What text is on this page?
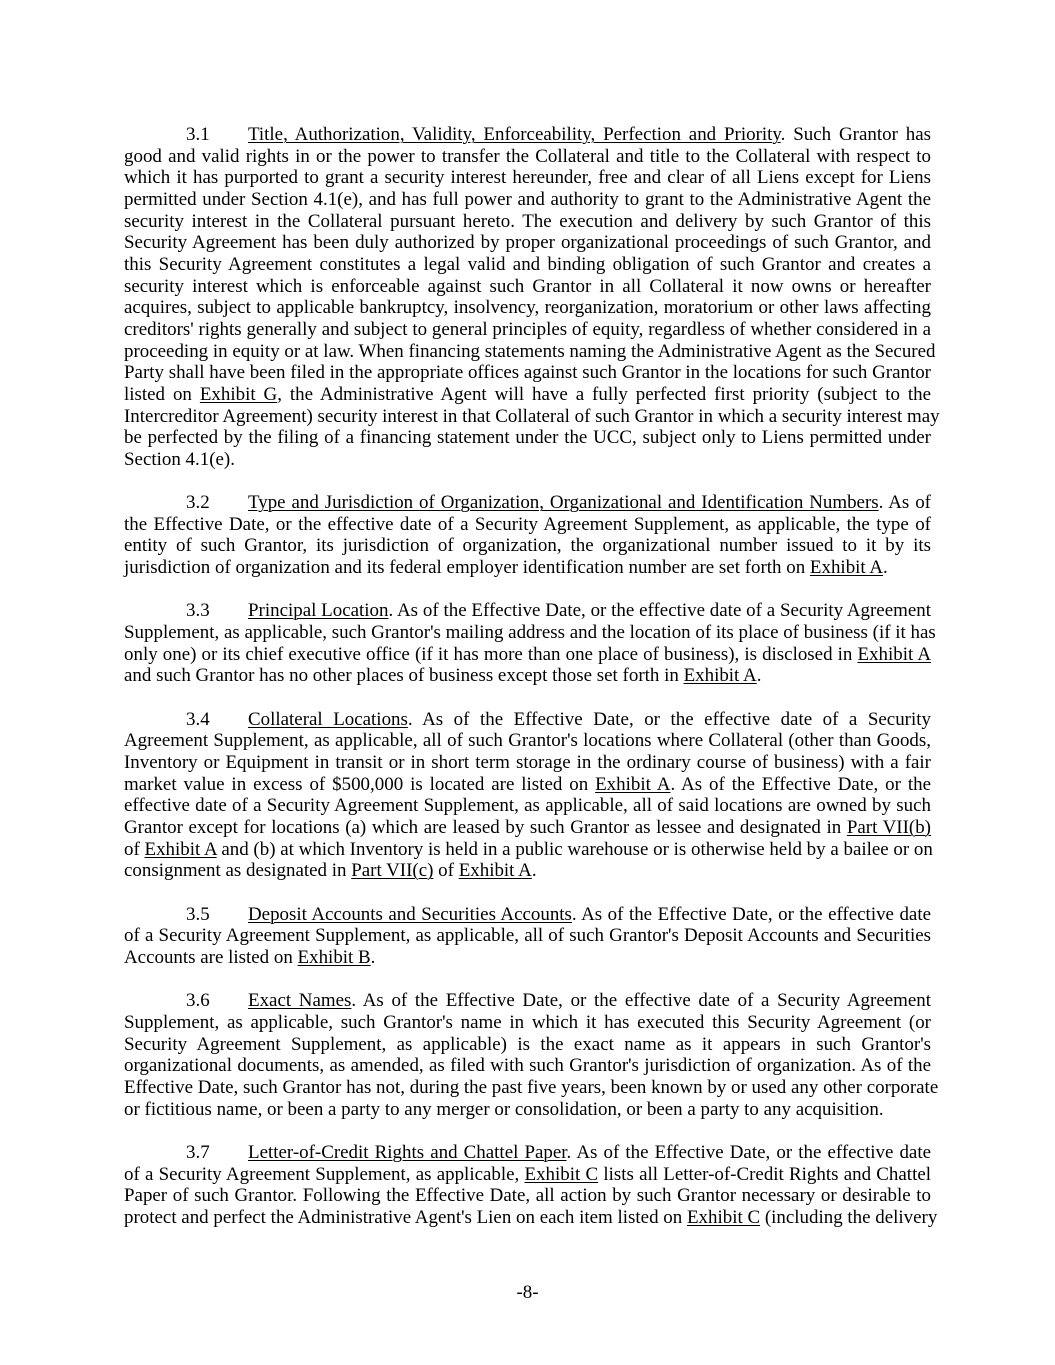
3.1 Title, Authorization, Validity, Enforceability, Perfection and Priority. Such Grantor has
good and valid rights in or the power to transfer the Collateral and title to the Collateral with respect to
which it has purported to grant a security interest hereunder, free and clear of all Liens except for Liens
permitted under Section 4.1(e), and has full power and authority to grant to the Administrative Agent the
security interest in the Collateral pursuant hereto. The execution and delivery by such Grantor of this
Security Agreement has been duly authorized by proper organizational proceedings of such Grantor, and
this Security Agreement constitutes a legal valid and binding obligation of such Grantor and creates a
security interest which is enforceable against such Grantor in all Collateral it now owns or hereafter
acquires, subject to applicable bankruptcy, insolvency, reorganization, moratorium or other laws affecting
creditors' rights generally and subject to general principles of equity, regardless of whether considered in a
proceeding in equity or at law. When financing statements naming the Administrative Agent as the Secured
Party shall have been filed in the appropriate offices against such Grantor in the locations for such Grantor
listed on Exhibit G, the Administrative Agent will have a fully perfected first priority (subject to the
Intercreditor Agreement) security interest in that Collateral of such Grantor in which a security interest may
be perfected by the filing of a financing statement under the UCC, subject only to Liens permitted under
Section 4.1(e).
3.2 Type and Jurisdiction of Organization, Organizational and Identification Numbers. As of
the Effective Date, or the effective date of a Security Agreement Supplement, as applicable, the type of
entity of such Grantor, its jurisdiction of organization, the organizational number issued to it by its
jurisdiction of organization and its federal employer identification number are set forth on Exhibit A.
3.3 Principal Location. As of the Effective Date, or the effective date of a Security Agreement
Supplement, as applicable, such Grantor's mailing address and the location of its place of business (if it has
only one) or its chief executive office (if it has more than one place of business), is disclosed in Exhibit A
and such Grantor has no other places of business except those set forth in Exhibit A.
3.4 Collateral Locations. As of the Effective Date, or the effective date of a Security
Agreement Supplement, as applicable, all of such Grantor's locations where Collateral (other than Goods,
Inventory or Equipment in transit or in short term storage in the ordinary course of business) with a fair
market value in excess of $500,000 is located are listed on Exhibit A. As of the Effective Date, or the
effective date of a Security Agreement Supplement, as applicable, all of said locations are owned by such
Grantor except for locations (a) which are leased by such Grantor as lessee and designated in Part VII(b)
of Exhibit A and (b) at which Inventory is held in a public warehouse or is otherwise held by a bailee or on
consignment as designated in Part VII(c) of Exhibit A.
3.5 Deposit Accounts and Securities Accounts. As of the Effective Date, or the effective date
of a Security Agreement Supplement, as applicable, all of such Grantor's Deposit Accounts and Securities
Accounts are listed on Exhibit B.
3.6 Exact Names. As of the Effective Date, or the effective date of a Security Agreement
Supplement, as applicable, such Grantor's name in which it has executed this Security Agreement (or
Security Agreement Supplement, as applicable) is the exact name as it appears in such Grantor's
organizational documents, as amended, as filed with such Grantor's jurisdiction of organization. As of the
Effective Date, such Grantor has not, during the past five years, been known by or used any other corporate
or fictitious name, or been a party to any merger or consolidation, or been a party to any acquisition.
3.7 Letter-of-Credit Rights and Chattel Paper. As of the Effective Date, or the effective date
of a Security Agreement Supplement, as applicable, Exhibit C lists all Letter-of-Credit Rights and Chattel
Paper of such Grantor. Following the Effective Date, all action by such Grantor necessary or desirable to
protect and perfect the Administrative Agent's Lien on each item listed on Exhibit C (including the delivery
-8-
